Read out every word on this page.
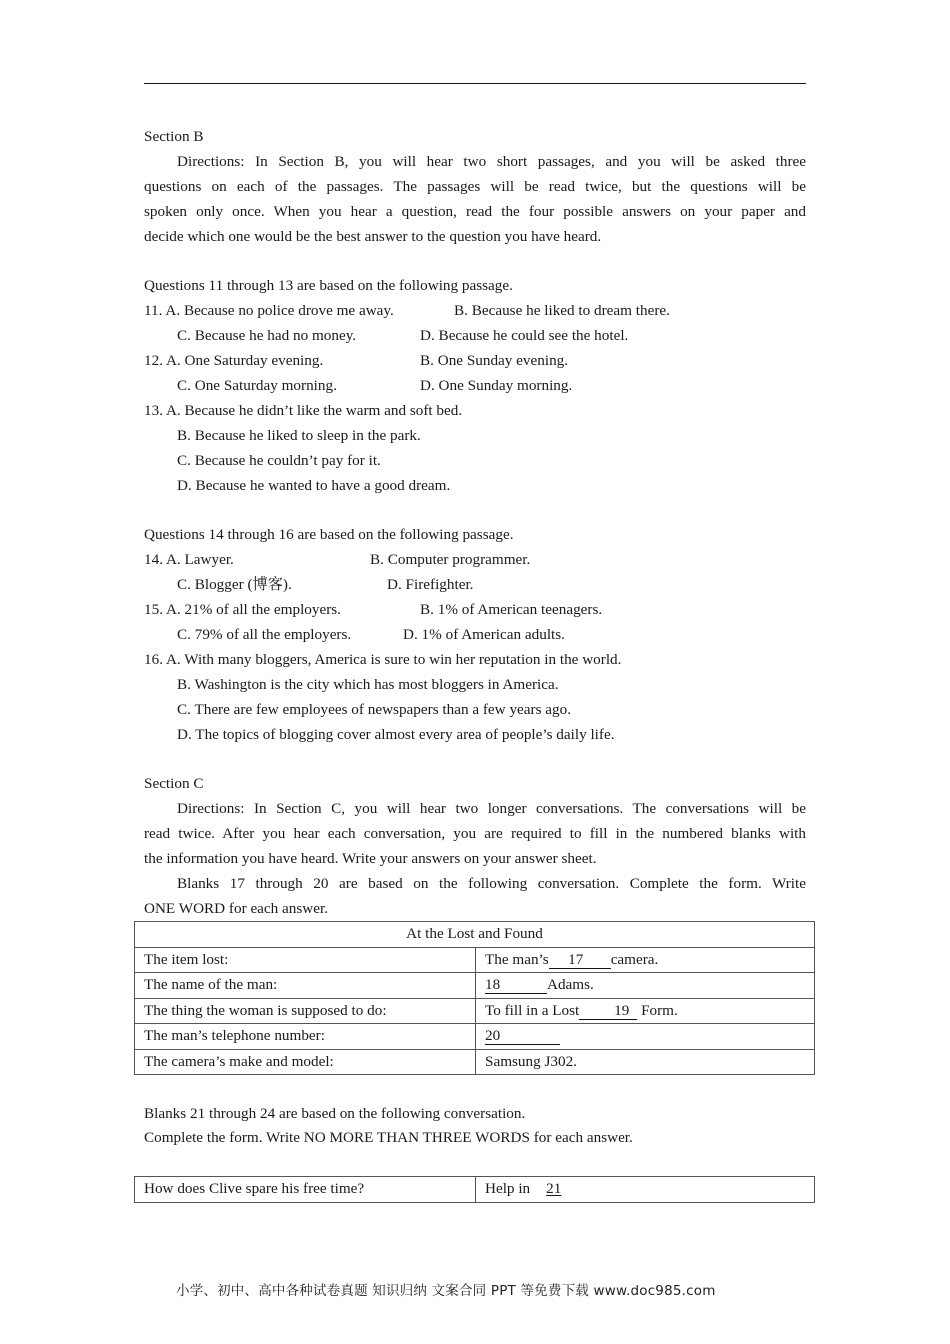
Section B
Directions: In Section B, you will hear two short passages, and you will be asked three
questions on each of the passages. The passages will be read twice, but the questions will be
spoken only once. When you hear a question, read the four possible answers on your paper and
decide which one would be the best answer to the question you have heard.
Questions 11 through 13 are based on the following passage.
11. A. Because no police drove me away.	B. Because he liked to dream there.
C. Because he had no money.	D. Because he could see the hotel.
12. A. One Saturday evening.	B. One Sunday evening.
C. One Saturday morning.	D. One Sunday morning.
13. A. Because he didn’t like the warm and soft bed.
B. Because he liked to sleep in the park.
C. Because he couldn’t pay for it.
D. Because he wanted to have a good dream.
Questions 14 through 16 are based on the following passage.
14. A. Lawyer.	B. Computer programmer.
C. Blogger (博客).	D. Firefighter.
15. A. 21% of all the employers.	B. 1% of American teenagers.
C. 79% of all the employers.	D. 1% of American adults.
16. A. With many bloggers, America is sure to win her reputation in the world.
B. Washington is the city which has most bloggers in America.
C. There are few employees of newspapers than a few years ago.
D. The topics of blogging cover almost every area of people’s daily life.
Section C
Directions: In Section C, you will hear two longer conversations. The conversations will be
read twice. After you hear each conversation, you are required to fill in the numbered blanks with
the information you have heard. Write your answers on your answer sheet.
Blanks 17 through 20 are based on the following conversation. Complete the form. Write
ONE WORD for each answer.
At the Lost and Found	
The item lost:	The man’s 17 camera.
The name of the man:	18 Adams.
The thing the woman is supposed to do:	To fill in a Lost 19 Form.
The man’s telephone number:	20
The camera’s make and model:	Samsung J302.
Blanks 21 through 24 are based on the following conversation.
Complete the form. Write NO MORE THAN THREE WORDS for each answer.
How does Clive spare his free time?	Help in 21
小学、初中、高中各种试卷真题 知识归纳 文案合同 PPT 等免费下载 www.doc985.com
